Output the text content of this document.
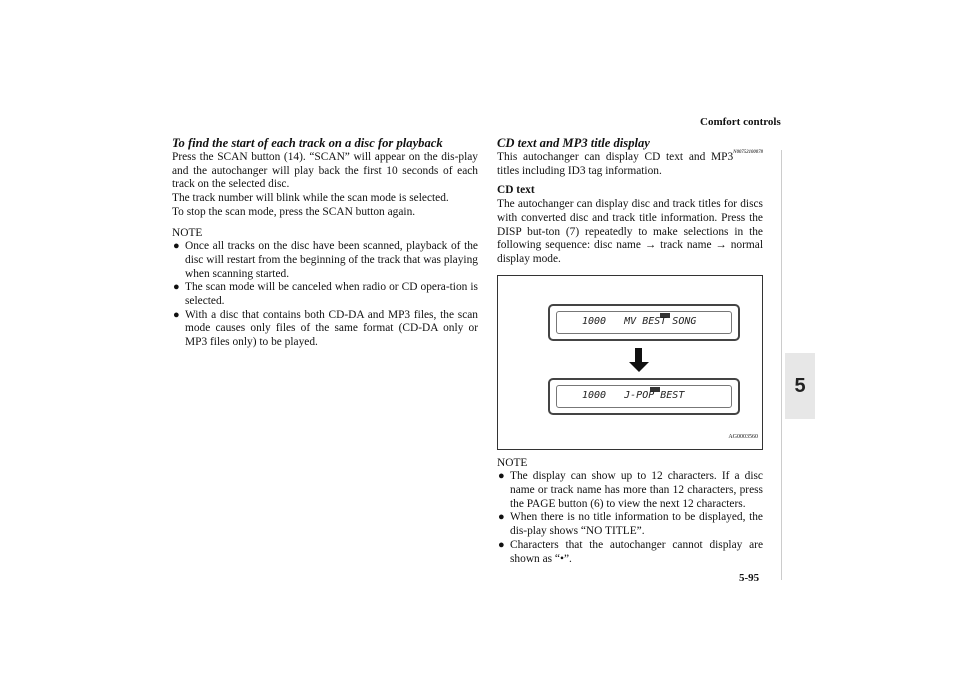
Comfort controls
5
To find the start of each track on a disc for playback

Press the SCAN button (14). “SCAN” will appear on the dis-play and the autochanger will play back the first 10 seconds of each track on the selected disc.

The track number will blink while the scan mode is selected.

To stop the scan mode, press the SCAN button again.

NOTE
● Once all tracks on the disc have been scanned, playback of the disc will restart from the beginning of the track that was playing when scanning started.
● The scan mode will be canceled when radio or CD opera-tion is selected.
● With a disc that contains both CD-DA and MP3 files, the scan mode causes only files of the same format (CD-DA only or MP3 files only) to be played.
CD text and MP3 title display
N00752100078

This autochanger can display CD text and MP3 titles including ID3 tag information.

CD text

The autochanger can display disc and track titles for discs with converted disc and track title information. Press the DISP but-ton (7) repeatedly to make selections in the following sequence: disc name → track name → normal display mode.

1000   MV BEST SONG
1000   J-POP BEST
AG0003560
NOTE
● The display can show up to 12 characters. If a disc name or track name has more than 12 characters, press the PAGE button (6) to view the next 12 characters.
● When there is no title information to be displayed, the dis-play shows “NO TITLE”.
● Characters that the autochanger cannot display are shown as “•”.
5-95
